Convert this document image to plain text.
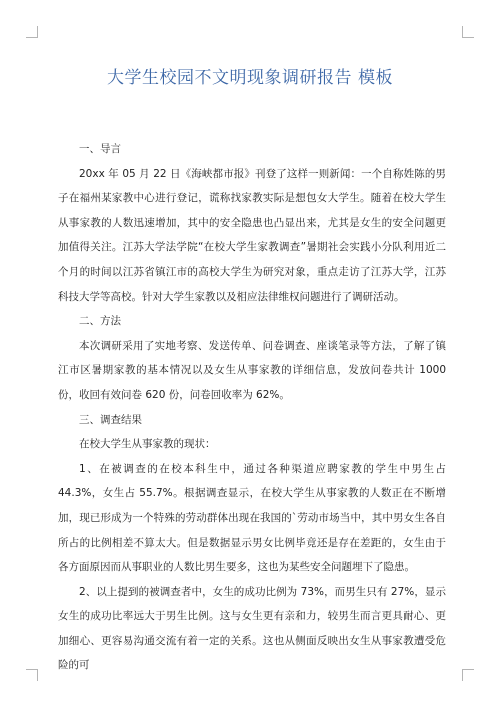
大学生校园不文明现象调研报告 模板

一、导言

20xx 年 05 月 22 日《海峡都市报》刊登了这样一则新闻：一个自称姓陈的男子在福州某家教中心进行登记，谎称找家教实际是想包女大学生。随着在校大学生从事家教的人数迅速增加，其中的安全隐患也凸显出来，尤其是女生的安全问题更加值得关注。江苏大学法学院“在校大学生家教调查”暑期社会实践小分队利用近二个月的时间以江苏省镇江市的高校大学生为研究对象，重点走访了江苏大学，江苏科技大学等高校。针对大学生家教以及相应法律维权问题进行了调研活动。

二、方法

本次调研采用了实地考察、发送传单、问卷调查、座谈笔录等方法，了解了镇江市区暑期家教的基本情况以及女生从事家教的详细信息，发放问卷共计 1000 份，收回有效问卷 620 份，问卷回收率为 62%。

三、调查结果

在校大学生从事家教的现状：

1、在被调查的在校本科生中，通过各种渠道应聘家教的学生中男生占 44.3%，女生占 55.7%。根据调查显示，在校大学生从事家教的人数正在不断增加，现已形成为一个特殊的劳动群体出现在我国的`劳动市场当中，其中男女生各自所占的比例相差不算太大。但是数据显示男女比例毕竟还是存在差距的，女生由于各方面原因而从事职业的人数比男生要多，这也为某些安全问题埋下了隐患。

2、以上提到的被调查者中，女生的成功比例为 73%，而男生只有 27%，显示女生的成功比率远大于男生比例。这与女生更有亲和力，较男生而言更具耐心、更加细心、更容易沟通交流有着一定的关系。这也从侧面反映出女生从事家教遭受危险的可
